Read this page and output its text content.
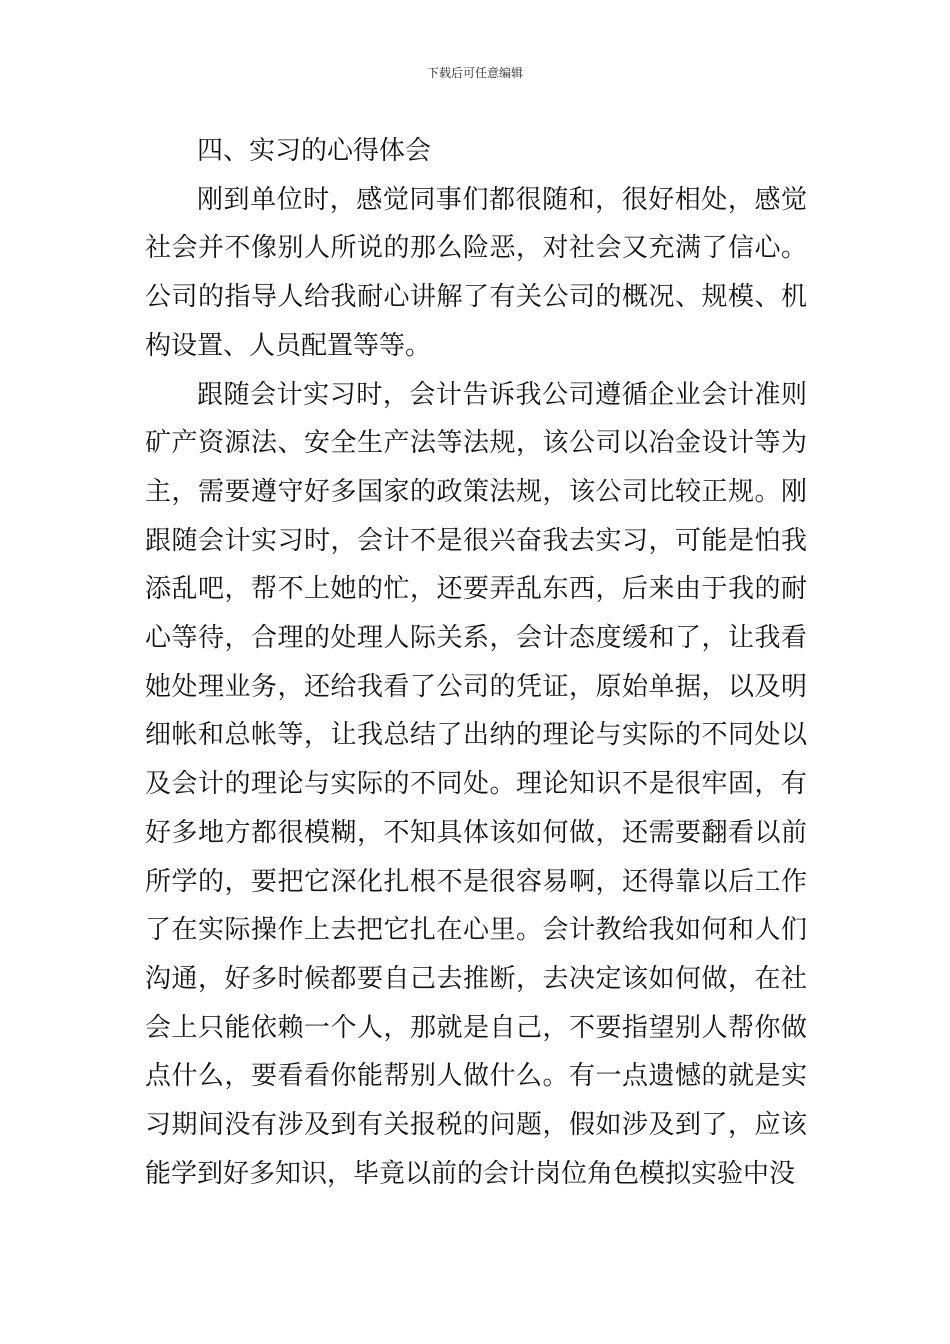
下载后可任意编辑

四、实习的心得体会

刚到单位时，感觉同事们都很随和，很好相处，感觉社会并不像别人所说的那么险恶，对社会又充满了信心。公司的指导人给我耐心讲解了有关公司的概况、规模、机构设置、人员配置等等。

跟随会计实习时，会计告诉我公司遵循企业会计准则矿产资源法、安全生产法等法规，该公司以冶金设计等为主，需要遵守好多国家的政策法规，该公司比较正规。刚跟随会计实习时，会计不是很兴奋我去实习，可能是怕我添乱吧，帮不上她的忙，还要弄乱东西，后来由于我的耐心等待，合理的处理人际关系，会计态度缓和了，让我看她处理业务，还给我看了公司的凭证，原始单据，以及明细帐和总帐等，让我总结了出纳的理论与实际的不同处以及会计的理论与实际的不同处。理论知识不是很牢固，有好多地方都很模糊，不知具体该如何做，还需要翻看以前所学的，要把它深化扎根不是很容易啊，还得靠以后工作了在实际操作上去把它扎在心里。会计教给我如何和人们沟通，好多时候都要自己去推断，去决定该如何做，在社会上只能依赖一个人，那就是自己，不要指望别人帮你做点什么，要看看你能帮别人做什么。有一点遗憾的就是实习期间没有涉及到有关报税的问题，假如涉及到了，应该能学到好多知识，毕竟以前的会计岗位角色模拟实验中没
